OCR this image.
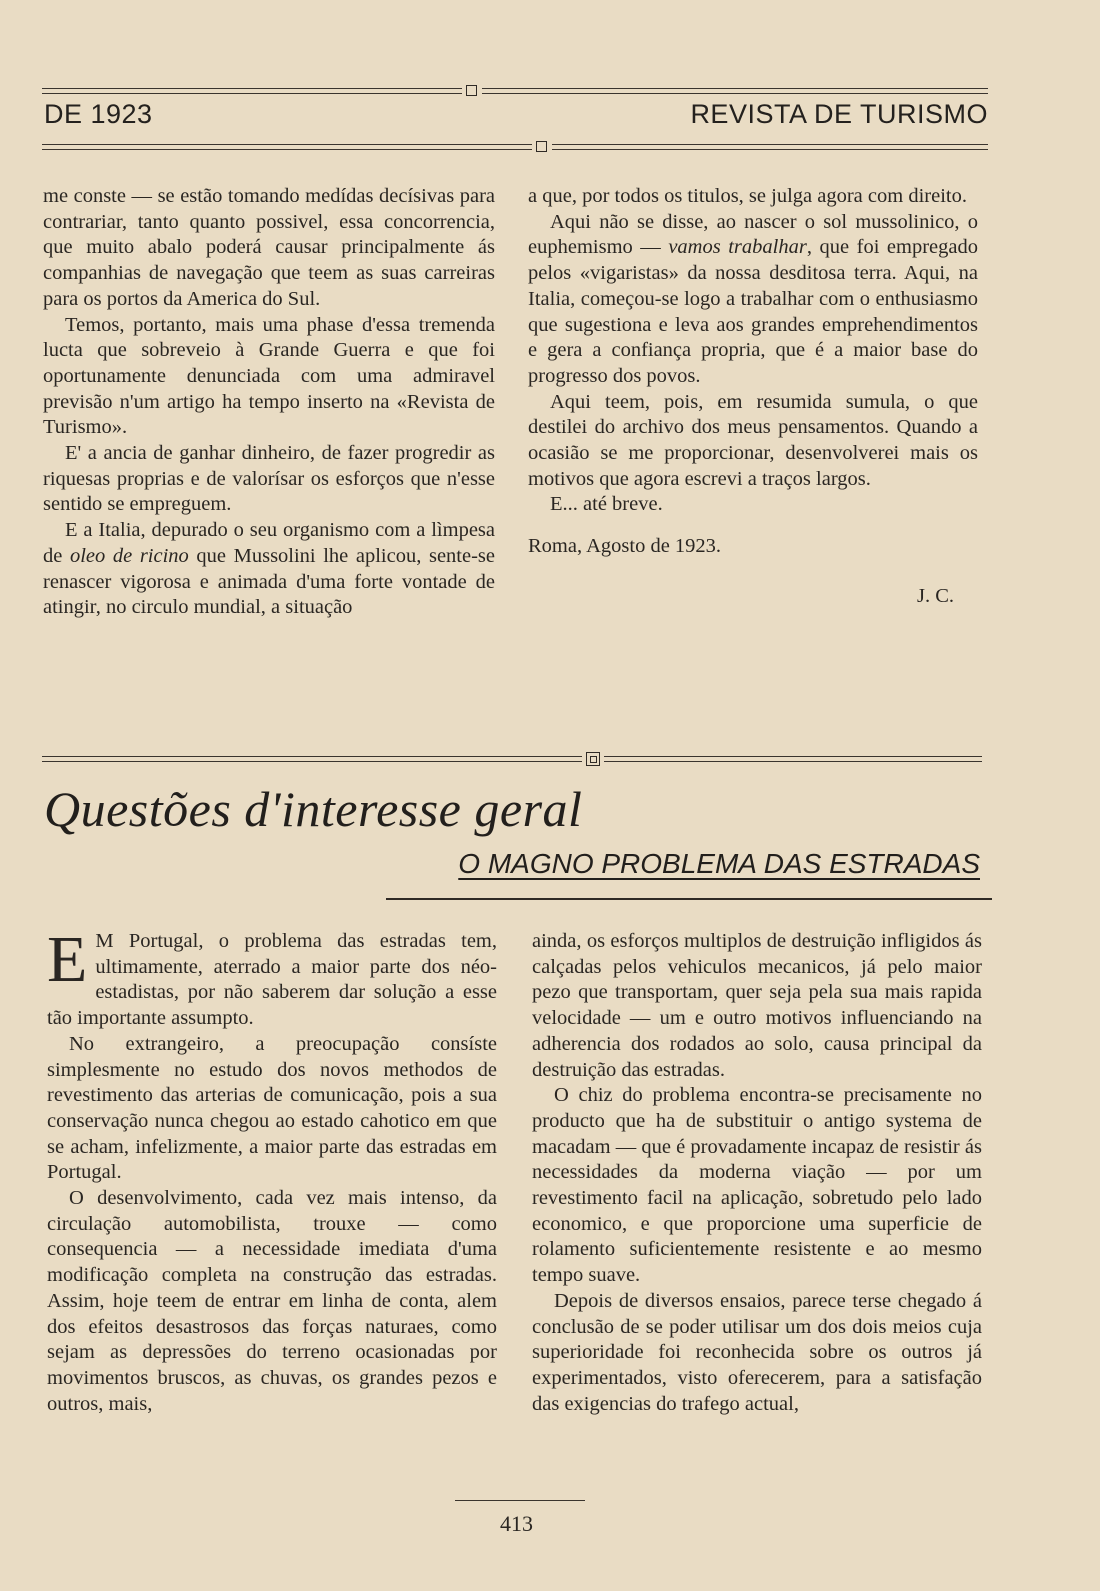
DE 1923	REVISTA DE TURISMO

me conste — se estão tomando medídas decísivas para contrariar, tanto quanto possivel, essa concorrencia, que muito abalo poderá causar principalmente ás companhias de navegação que teem as suas carreiras para os portos da America do Sul.

Temos, portanto, mais uma phase d'essa tremenda lucta que sobreveio à Grande Guerra e que foi oportunamente denunciada com uma admiravel previsão n'um artigo ha tempo inserto na «Revista de Turismo».

E' a ancia de ganhar dinheiro, de fazer progredir as riquesas proprias e de valorísar os esforços que n'esse sentido se empreguem.

E a Italia, depurado o seu organismo com a lìmpesa de oleo de ricino que Mussolini lhe aplicou, sente-se renascer vigorosa e animada d'uma forte vontade de atingir, no circulo mundial, a situação

a que, por todos os titulos, se julga agora com direito.

Aqui não se disse, ao nascer o sol mussolinico, o euphemismo — vamos trabalhar, que foi empregado pelos «vigaristas» da nossa desditosa terra. Aqui, na Italia, começou-se logo a trabalhar com o enthusiasmo que sugestiona e leva aos grandes emprehendimentos e gera a confiança propria, que é a maior base do progresso dos povos.

Aqui teem, pois, em resumida sumula, o que destilei do archivo dos meus pensamentos. Quando a ocasião se me proporcionar, desenvolverei mais os motivos que agora escrevi a traços largos.

E... até breve.

Roma, Agosto de 1923.

J. C.

Questões d'interesse geral
O MAGNO PROBLEMA DAS ESTRADAS

E M Portugal, o problema das estradas tem, ultimamente, aterrado a maior parte dos néo-estadistas, por não saberem dar solução a esse tão importante assumpto.

No extrangeiro, a preocupação consíste simplesmente no estudo dos novos methodos de revestimento das arterias de comunicação, pois a sua conservação nunca chegou ao estado cahotico em que se acham, infelizmente, a maior parte das estradas em Portugal.

O desenvolvimento, cada vez mais intenso, da circulação automobilista, trouxe — como consequencia — a necessidade imediata d'uma modificação completa na construção das estradas. Assim, hoje teem de entrar em linha de conta, alem dos efeitos desastrosos das forças naturaes, como sejam as depressões do terreno ocasionadas por movimentos bruscos, as chuvas, os grandes pezos e outros, mais,

ainda, os esforços multiplos de destruição infligidos ás calçadas pelos vehiculos mecanicos, já pelo maior pezo que transportam, quer seja pela sua mais rapida velocidade — um e outro motivos influenciando na adherencia dos rodados ao solo, causa principal da destruição das estradas.

O chiz do problema encontra-se precisamente no producto que ha de substituir o antigo systema de macadam — que é provadamente incapaz de resistir ás necessidades da moderna viação — por um revestimento facil na aplicação, sobretudo pelo lado economico, e que proporcione uma superficie de rolamento suficientemente resistente e ao mesmo tempo suave.

Depois de diversos ensaios, parece terse chegado á conclusão de se poder utilisar um dos dois meios cuja superioridade foi reconhecida sobre os outros já experimentados, visto oferecerem, para a satisfação das exigencias do trafego actual,

413
